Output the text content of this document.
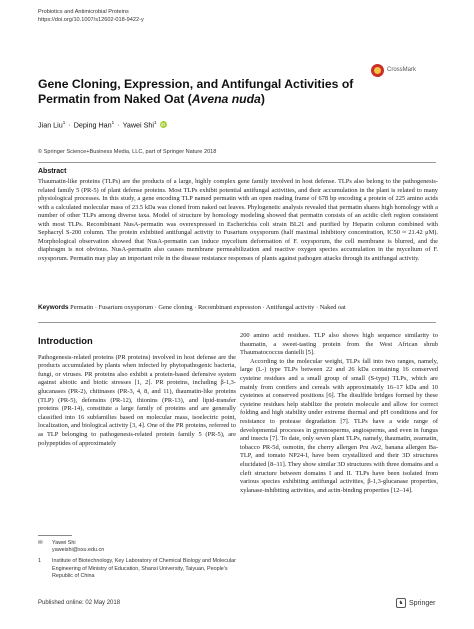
Probiotics and Antimicrobial Proteins
https://doi.org/10.1007/s12602-018-9422-y
CrossMark
Gene Cloning, Expression, and Antifungal Activities of Permatin from Naked Oat (Avena nuda)
Jian Liu$^1$ · Deping Han$^1$ · Yawei Shi$^1$ iD
© Springer Science+Business Media, LLC, part of Springer Nature 2018
Abstract
Thaumatin-like proteins (TLPs) are the products of a large, highly complex gene family involved in host defense. TLPs also belong to the pathogenesis-related family 5 (PR-5) of plant defense proteins. Most TLPs exhibit potential antifungal activities, and their accumulation in the plant is related to many physiological processes. In this study, a gene encoding TLP named permatin with an open reading frame of 678 bp encoding a protein of 225 amino acids with a calculated molecular mass of 23.5 kDa was cloned from naked oat leaves. Phylogenetic analysis revealed that permatin shares high homology with a number of other TLPs among diverse taxa. Model of structure by homology modeling showed that permatin consists of an acidic cleft region consistent with most TLPs. Recombinant NusA-permatin was overexpressed in Escherichia coli strain BL21 and purified by Heparin column combined with Sephacryl S-200 column. The protein exhibited antifungal activity to Fusarium oxysporum (half maximal inhibitory concentration, IC50 ≈ 21.42 μM). Morphological observation showed that NusA-permatin can induce mycelium deformation of F. oxysporum, the cell membrane is blurred, and the diaphragm is not obvious. NusA-permatin also causes membrane permeabilization and reactive oxygen species accumulation in the mycelium of F. oxysporum. Permatin may play an important role in the disease resistance responses of plants against pathogen attacks through its antifungal activity.
Keywords Permatin · Fusarium oxysporum · Gene cloning · Recombinant expression · Antifungal activity · Naked oat
Introduction

Pathogenesis-related proteins (PR proteins) involved in host defense are the products accumulated by plants when infected by phytopathogenic bacteria, fungi, or viruses. PR proteins also exhibit a protein-based defensive system against abiotic and biotic stresses [1, 2]. PR proteins, including β-1,3-glucanases (PR-2), chitinases (PR-3, 4, 8, and 11), thaumatin-like proteins (TLP) (PR-5), defensins (PR-12), thionins (PR-13), and lipid-transfer proteins (PR-14), constitute a large family of proteins and are generally classified into 16 subfamilies based on molecular mass, isoelectric point, localization, and biological activity [3, 4]. One of the PR proteins, referred to as TLP belonging to pathogenesis-related protein family 5 (PR-5), are polypeptides of approximately

200 amino acid residues. TLP also shows high sequence similarity to thaumatin, a sweet-tasting protein from the West African shrub Thaumatococcus danielli [5].

According to the molecular weight, TLPs fall into two ranges, namely, large (L-) type TLPs between 22 and 26 kDa containing 16 conserved cysteine residues and a small group of small (S-type) TLPs, which are mainly from conifers and cereals with approximately 16–17 kDa and 10 cysteines at conserved positions [6]. The disulfide bridges formed by these cysteine residues help stabilize the protein molecule and allow for correct folding and high stability under extreme thermal and pH conditions and for resistance to protease degradation [7]. TLPs have a wide range of developmental processes in gymnosperms, angiosperms, and even in fungus and insects [7]. To date, only seven plant TLPs, namely, thaumatin, zeamatin, tobacco PR-5d, osmotin, the cherry allergen Pru Av2, banana allergen Ba-TLP, and tomato NP24-I, have been crystallized and their 3D structures elucidated [8–11]. They show similar 3D structures with three domains and a cleft structure between domains I and II. TLPs have been isolated from various species exhibiting antifungal activities, β-1,3-glucanase properties, xylanase-inhibiting activities, and actin-binding properties [12–14].

✉	Yawei Shi
yaweishi@sxu.edu.cn
1	Institute of Biotechnology, Key Laboratory of Chemical Biology and Molecular Engineering of Ministry of Education, Shanxi University, Taiyuan, People's Republic of China
Published online: 02 May 2018	♞ Springer
